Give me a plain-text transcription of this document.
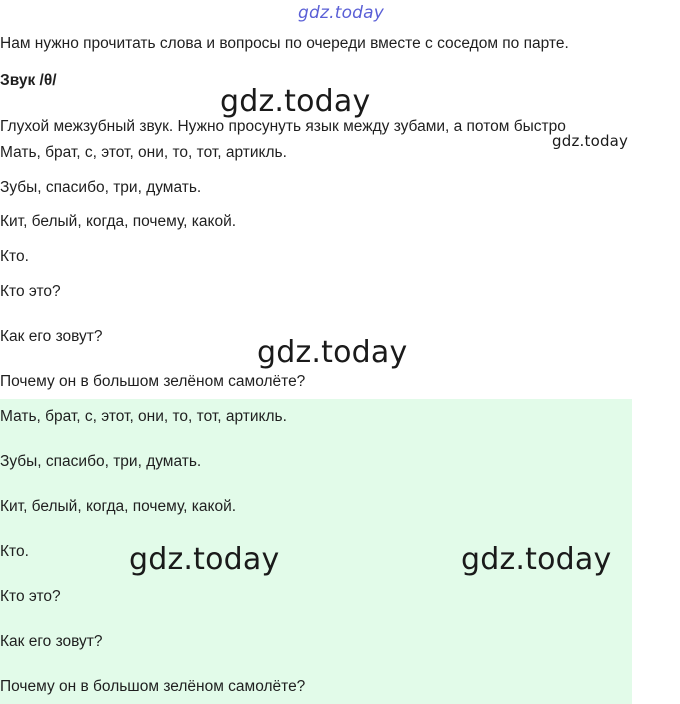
gdz.today
Нам нужно прочитать слова и вопросы по очереди вместе с соседом по парте.
Звук /θ/
Глухой межзубный звук. Нужно просунуть язык между зубами, а потом быстро
Мать, брат, с, этот, они, то, тот, артикль.
Зубы, спасибо, три, думать.
Кит, белый, когда, почему, какой.
Кто.
Кто это?
Как его зовут?
Почему он в большом зелёном самолёте?
Мать, брат, с, этот, они, то, тот, артикль.
Зубы, спасибо, три, думать.
Кит, белый, когда, почему, какой.
Кто.
Кто это?
Как его зовут?
Почему он в большом зелёном самолёте?
gdz.today
gdz.today
gdz.today
gdz.today	gdz.today
